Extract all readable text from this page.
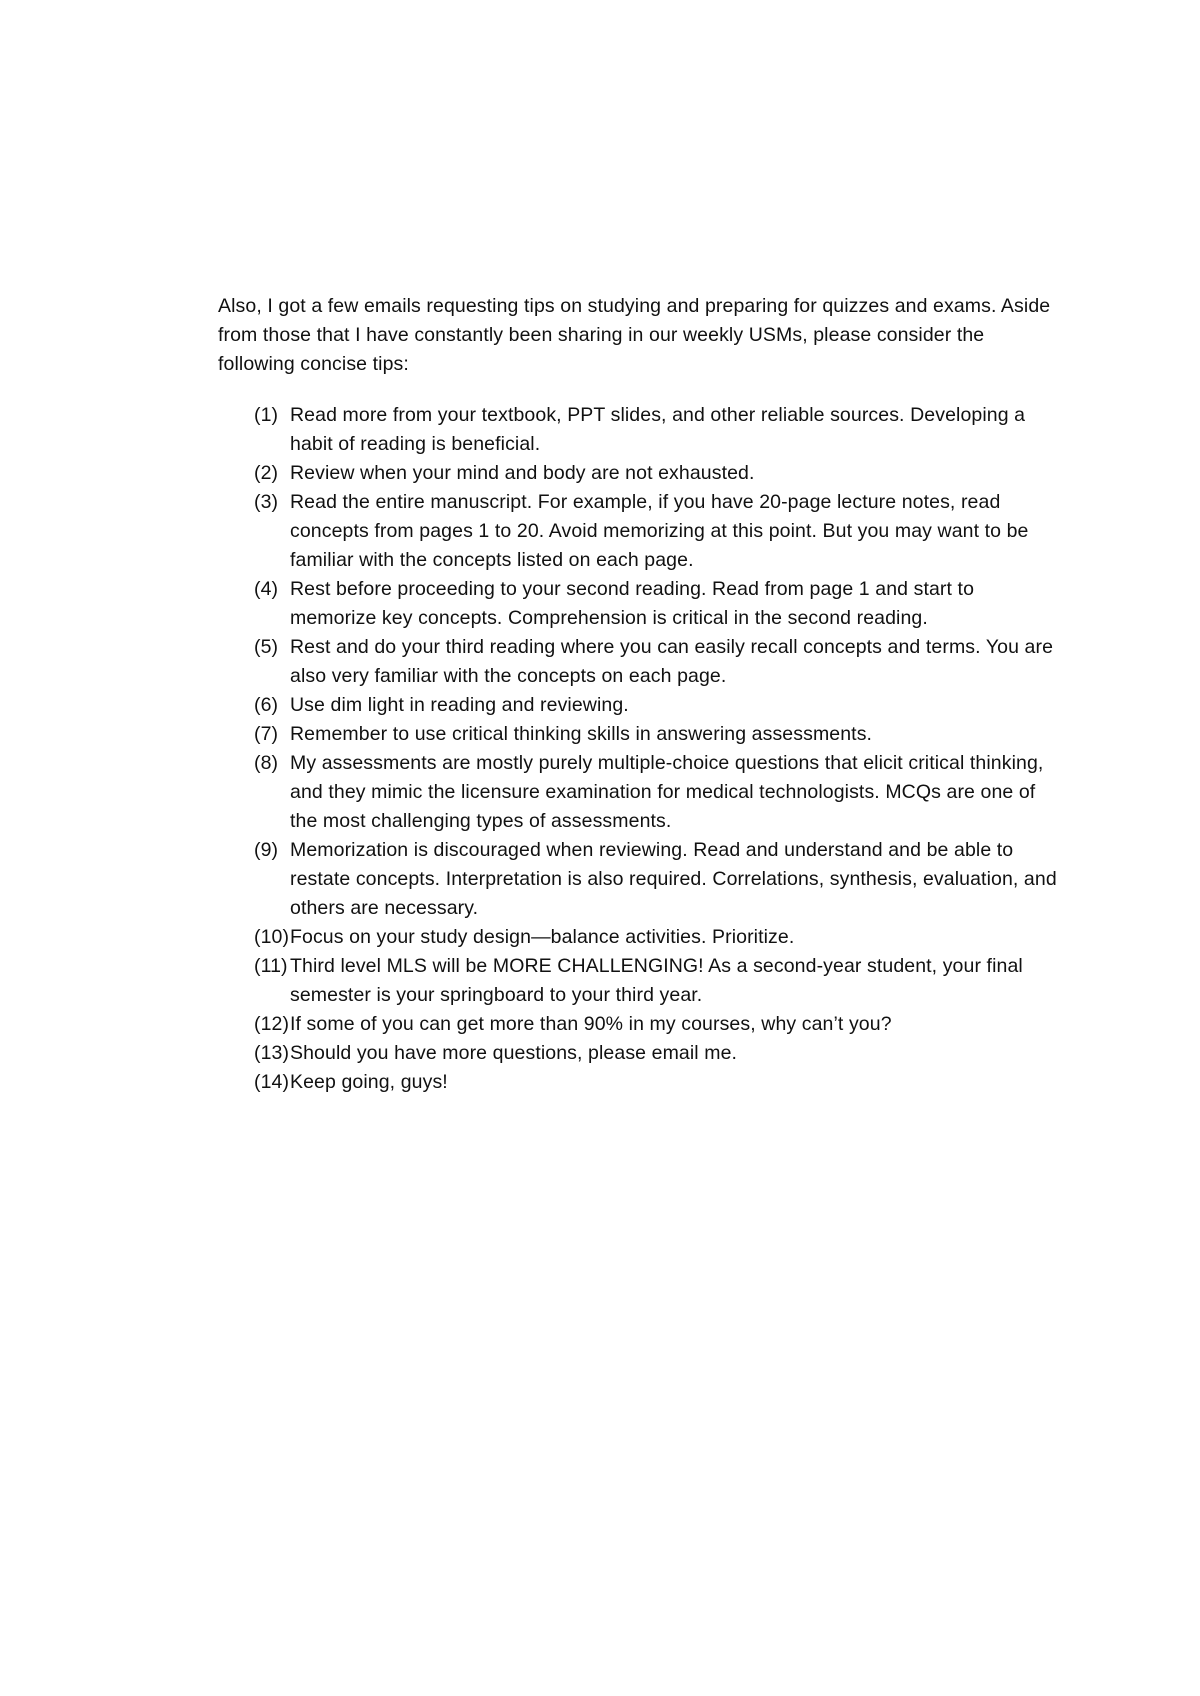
Also, I got a few emails requesting tips on studying and preparing for quizzes and exams. Aside from those that I have constantly been sharing in our weekly USMs, please consider the following concise tips:

(1) Read more from your textbook, PPT slides, and other reliable sources. Developing a habit of reading is beneficial.
(2) Review when your mind and body are not exhausted.
(3) Read the entire manuscript. For example, if you have 20-page lecture notes, read concepts from pages 1 to 20. Avoid memorizing at this point. But you may want to be familiar with the concepts listed on each page.
(4) Rest before proceeding to your second reading. Read from page 1 and start to memorize key concepts. Comprehension is critical in the second reading.
(5) Rest and do your third reading where you can easily recall concepts and terms. You are also very familiar with the concepts on each page.
(6) Use dim light in reading and reviewing.
(7) Remember to use critical thinking skills in answering assessments.
(8) My assessments are mostly purely multiple-choice questions that elicit critical thinking, and they mimic the licensure examination for medical technologists. MCQs are one of the most challenging types of assessments.
(9) Memorization is discouraged when reviewing. Read and understand and be able to restate concepts. Interpretation is also required. Correlations, synthesis, evaluation, and others are necessary.
(10) Focus on your study design—balance activities. Prioritize.
(11) Third level MLS will be MORE CHALLENGING! As a second-year student, your final semester is your springboard to your third year.
(12) If some of you can get more than 90% in my courses, why can’t you?
(13) Should you have more questions, please email me.
(14) Keep going, guys!
